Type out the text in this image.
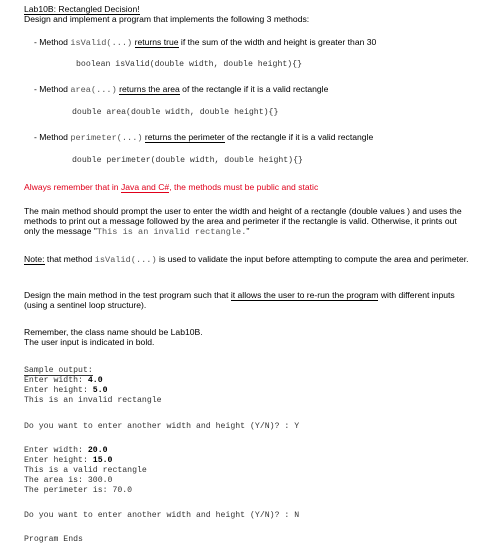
Lab10B: Rectangled Decision!
Design and implement a program that implements the following 3 methods:
- Method isValid(...) returns true if the sum of the width and height is greater than 30
boolean isValid(double width, double height){}
- Method area(...) returns the area of the rectangle if it is a valid rectangle
double area(double width, double height){}
- Method perimeter(...) returns the perimeter of the rectangle if it is a valid rectangle
double perimeter(double width, double height){}
Always remember that in Java and C#, the methods must be public and static
The main method should prompt the user to enter the width and height of a rectangle (double values ) and uses the methods to print out a message followed by the area and perimeter if the rectangle is valid. Otherwise, it prints out only the message "This is an invalid rectangle."
Note: that method isValid(...) is used to validate the input before attempting to compute the area and perimeter.
Design the main method in the test program such that it allows the user to re-run the program with different inputs (using a sentinel loop structure).
Remember, the class name should be Lab10B.
The user input is indicated in bold.
Sample output:
Enter width: 4.0
Enter height: 5.0
This is an invalid rectangle
Do you want to enter another width and height (Y/N)? : Y
Enter width: 20.0
Enter height: 15.0
This is a valid rectangle
The area is: 300.0
The perimeter is: 70.0
Do you want to enter another width and height (Y/N)? : N
Program Ends
